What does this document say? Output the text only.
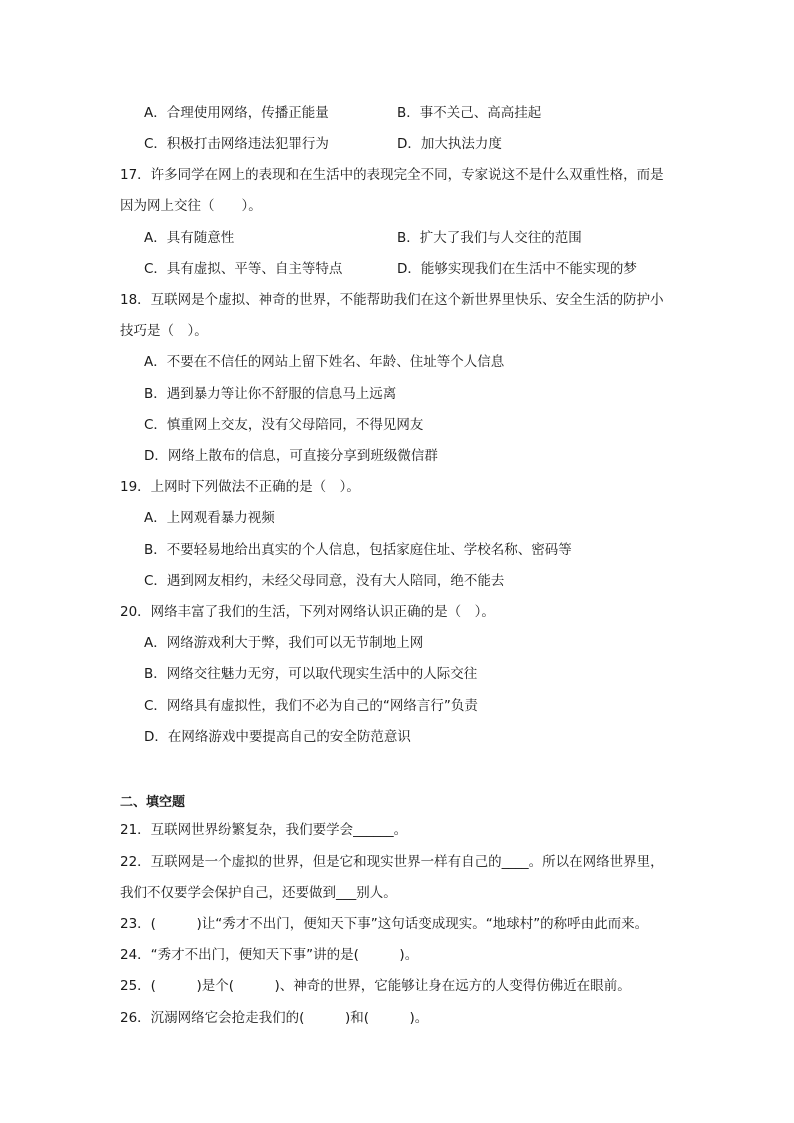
A．合理使用网络，传播正能量	B．事不关己、高高挂起
C．积极打击网络违法犯罪行为	D．加大执法力度
17．许多同学在网上的表现和在生活中的表现完全不同，专家说这不是什么双重性格，而是
因为网上交往（　　）。
A．具有随意性	B．扩大了我们与人交往的范围
C．具有虚拟、平等、自主等特点	D．能够实现我们在生活中不能实现的梦
18．互联网是个虚拟、神奇的世界，不能帮助我们在这个新世界里快乐、安全生活的防护小
技巧是（　）。
A．不要在不信任的网站上留下姓名、年龄、住址等个人信息
B．遇到暴力等让你不舒服的信息马上远离
C．慎重网上交友，没有父母陪同，不得见网友
D．网络上散布的信息，可直接分享到班级微信群
19．上网时下列做法不正确的是（　）。
A．上网观看暴力视频
B．不要轻易地给出真实的个人信息，包括家庭住址、学校名称、密码等
C．遇到网友相约，未经父母同意，没有大人陪同，绝不能去
20．网络丰富了我们的生活，下列对网络认识正确的是（　）。
A．网络游戏利大于弊，我们可以无节制地上网
B．网络交往魅力无穷，可以取代现实生活中的人际交往
C．网络具有虚拟性，我们不必为自己的“网络言行”负责
D．在网络游戏中要提高自己的安全防范意识
二、填空题
21．互联网世界纷繁复杂，我们要学会______。
22．互联网是一个虚拟的世界，但是它和现实世界一样有自己的____。所以在网络世界里，
我们不仅要学会保护自己，还要做到___别人。
23．(　　　)让“秀才不出门，便知天下事”这句话变成现实。“地球村”的称呼由此而来。
24．“秀才不出门，便知天下事”讲的是(　　　)。
25．(　　　)是个(　　　)、神奇的世界，它能够让身在远方的人变得仿佛近在眼前。
26．沉溺网络它会抢走我们的(　　　)和(　　　)。
